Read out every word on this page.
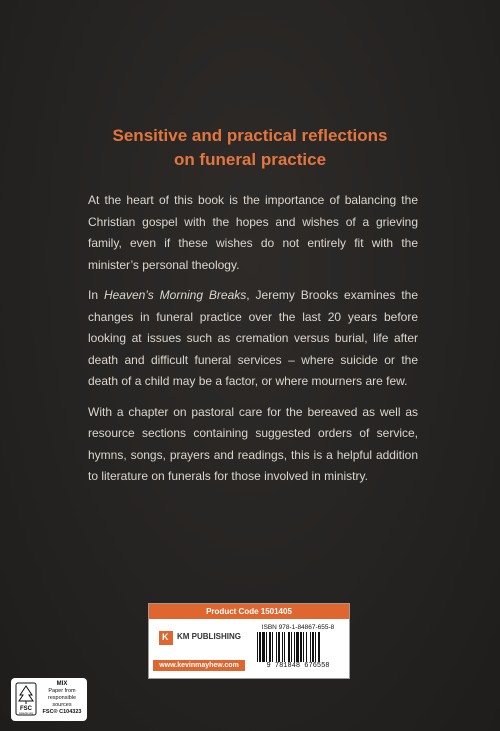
Sensitive and practical reflections
on funeral practice

At the heart of this book is the importance of balancing the Christian gospel with the hopes and wishes of a grieving family, even if these wishes do not entirely fit with the minister’s personal theology.

In Heaven’s Morning Breaks, Jeremy Brooks examines the changes in funeral practice over the last 20 years before looking at issues such as cremation versus burial, life after death and difficult funeral services – where suicide or the death of a child may be a factor, or where mourners are few.

With a chapter on pastoral care for the bereaved as well as resource sections containing suggested orders of service, hymns, songs, prayers and readings, this is a helpful addition to literature on funerals for those involved in ministry.

Product Code 1501405
K KM PUBLISHING
www.kevinmayhew.com
ISBN 978-1-84867-655-8
9 781848 676558
FSC
www.fsc.org
MIX
Paper from
responsible sources
FSC® C104323
